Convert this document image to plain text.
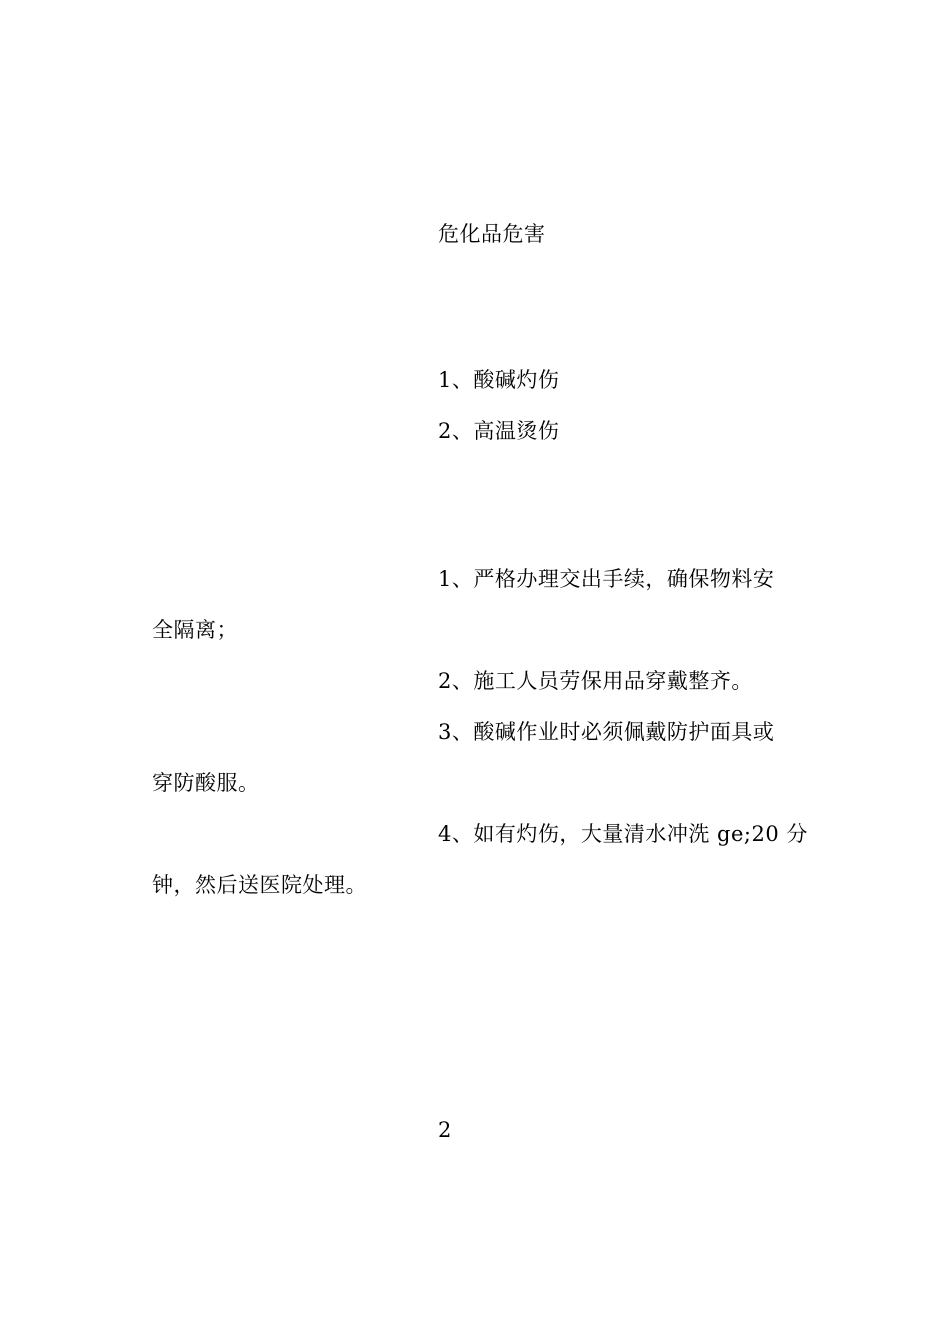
危化品危害
1、酸碱灼伤
2、高温烫伤
1、严格办理交出手续，确保物料安
全隔离；
2、施工人员劳保用品穿戴整齐。
3、酸碱作业时必须佩戴防护面具或
穿防酸服。
4、如有灼伤，大量清水冲洗 ge;20 分
钟，然后送医院处理。
2
